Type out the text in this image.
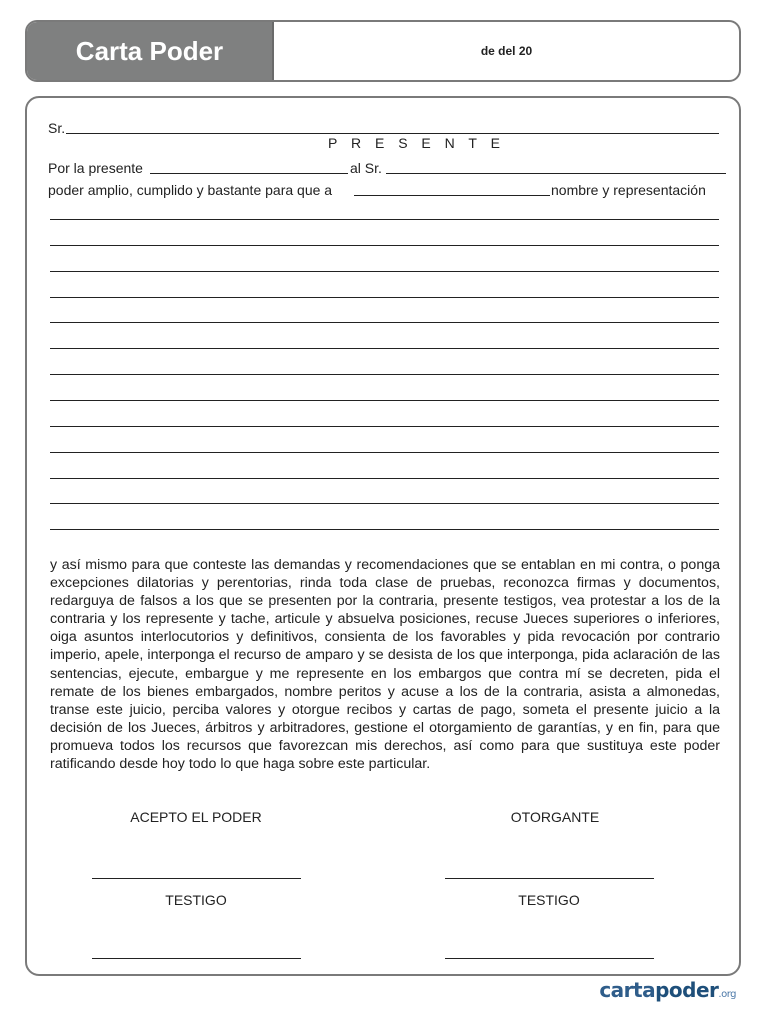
Carta Poder	de del 20
Sr.
P R E S E N T E
Por la presente	al Sr.
poder amplio, cumplido y bastante para que a	nombre y representación
y así mismo para que conteste las demandas y recomendaciones que se entablan en mi contra, o ponga excepciones dilatorias y perentorias, rinda toda clase de pruebas, reconozca firmas y documentos, redarguya de falsos a los que se presenten por la contraria, presente testigos, vea protestar a los de la contraria y los represente y tache, articule y absuelva posiciones, recuse Jueces superiores o inferiores, oiga asuntos interlocutorios y definitivos, consienta de los favorables y pida revocación por contrario imperio, apele, interponga el recurso de amparo y se desista de los que interponga, pida aclaración de las sentencias, ejecute, embargue y me represente en los embargos que contra mí se decreten, pida el remate de los bienes embargados, nombre peritos y acuse a los de la contraria, asista a almonedas, transe este juicio, perciba valores y otorgue recibos y cartas de pago, someta el presente juicio a la decisión de los Jueces, árbitros y arbitradores, gestione el otorgamiento de garantías, y en fin, para que promueva todos los recursos que favorezcan mis derechos, así como para que sustituya este poder ratificando desde hoy todo lo que haga sobre este particular.
ACEPTO EL PODER	OTORGANTE
TESTIGO	TESTIGO
cartapoder.org
